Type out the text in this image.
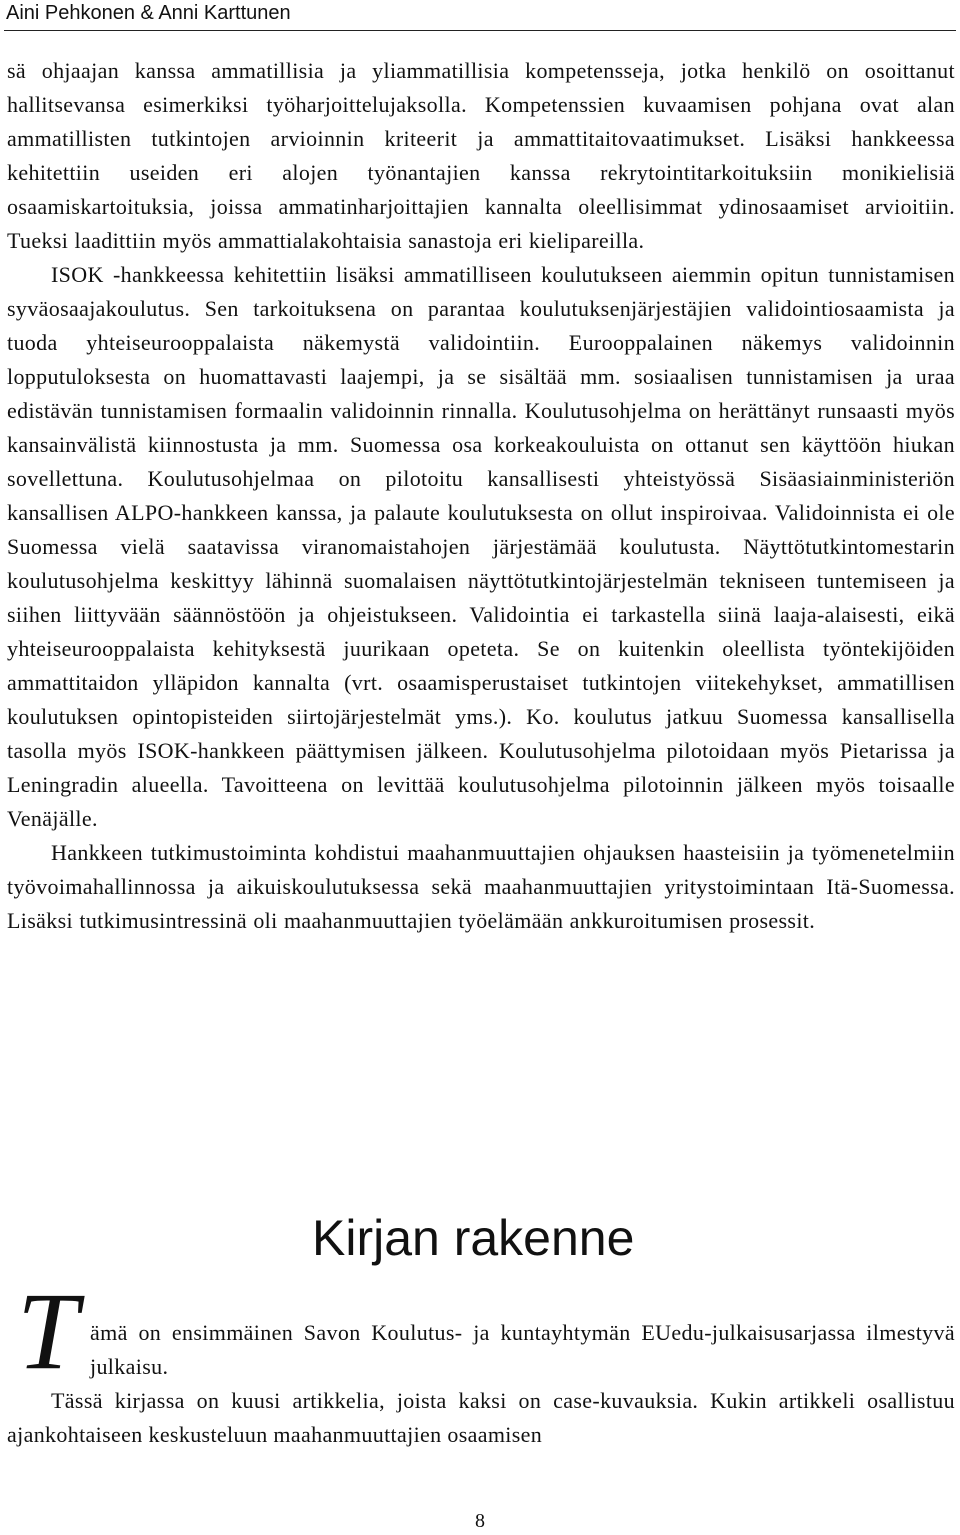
Aini Pehkonen & Anni Karttunen

sä ohjaajan kanssa ammatillisia ja yliammatillisia kompetensseja, jotka henkilö on osoittanut hallitsevansa esimerkiksi työharjoittelujaksolla. Kompetenssien kuvaamisen pohjana ovat alan ammatillisten tutkintojen arvioinnin kriteerit ja ammattitaitovaatimukset. Lisäksi hankkeessa kehitettiin useiden eri alojen työnantajien kanssa rekrytointitarkoituksiin monikielisiä osaamiskartoituksia, joissa ammatinharjoittajien kannalta oleellisimmat ydinosaamiset arvioitiin. Tueksi laadittiin myös ammattialakohtaisia sanastoja eri kielipareilla.

ISOK -hankkeessa kehitettiin lisäksi ammatilliseen koulutukseen aiemmin opitun tunnistamisen syväosaajakoulutus. Sen tarkoituksena on parantaa koulutuksenjärjestäjien validointiosaamista ja tuoda yhteiseurooppalaista näkemystä validointiin. Eurooppalainen näkemys validoinnin lopputuloksesta on huomattavasti laajempi, ja se sisältää mm. sosiaalisen tunnistamisen ja uraa edistävän tunnistamisen formaalin validoinnin rinnalla. Koulutusohjelma on herättänyt runsaasti myös kansainvälistä kiinnostusta ja mm. Suomessa osa korkeakouluista on ottanut sen käyttöön hiukan sovellettuna. Koulutusohjelmaa on pilotoitu kansallisesti yhteistyössä Sisäasiainministeriön kansallisen ALPO-hankkeen kanssa, ja palaute koulutuksesta on ollut inspiroivaa. Validoinnista ei ole Suomessa vielä saatavissa viranomaistahojen järjestämää koulutusta. Näyttötutkintomestarin koulutusohjelma keskittyy lähinnä suomalaisen näyttötutkintojärjestelmän tekniseen tuntemiseen ja siihen liittyvään säännöstöön ja ohjeistukseen. Validointia ei tarkastella siinä laaja-alaisesti, eikä yhteiseurooppalaista kehityksestä juurikaan opeteta. Se on kuitenkin oleellista työntekijöiden ammattitaidon ylläpidon kannalta (vrt. osaamisperustaiset tutkintojen viitekehykset, ammatillisen koulutuksen opintopisteiden siirtojärjestelmät yms.). Ko. koulutus jatkuu Suomessa kansallisella tasolla myös ISOK-hankkeen päättymisen jälkeen. Koulutusohjelma pilotoidaan myös Pietarissa ja Leningradin alueella. Tavoitteena on levittää koulutusohjelma pilotoinnin jälkeen myös toisaalle Venäjälle.

Hankkeen tutkimustoiminta kohdistui maahanmuuttajien ohjauksen haasteisiin ja työmenetelmiin työvoimahallinnossa ja aikuiskoulutuksessa sekä maahanmuuttajien yritystoimintaan Itä-Suomessa. Lisäksi tutkimusintressinä oli maahanmuuttajien työelämään ankkuroitumisen prosessit.

Kirjan rakenne
T ämä on ensimmäinen Savon Koulutus- ja kuntayhtymän EUedu-julkaisusarjassa ilmestyvä julkaisu.

Tässä kirjassa on kuusi artikkelia, joista kaksi on case-kuvauksia. Kukin artikkeli osallistuu ajankohtaiseen keskusteluun maahanmuuttajien osaamisen

8
